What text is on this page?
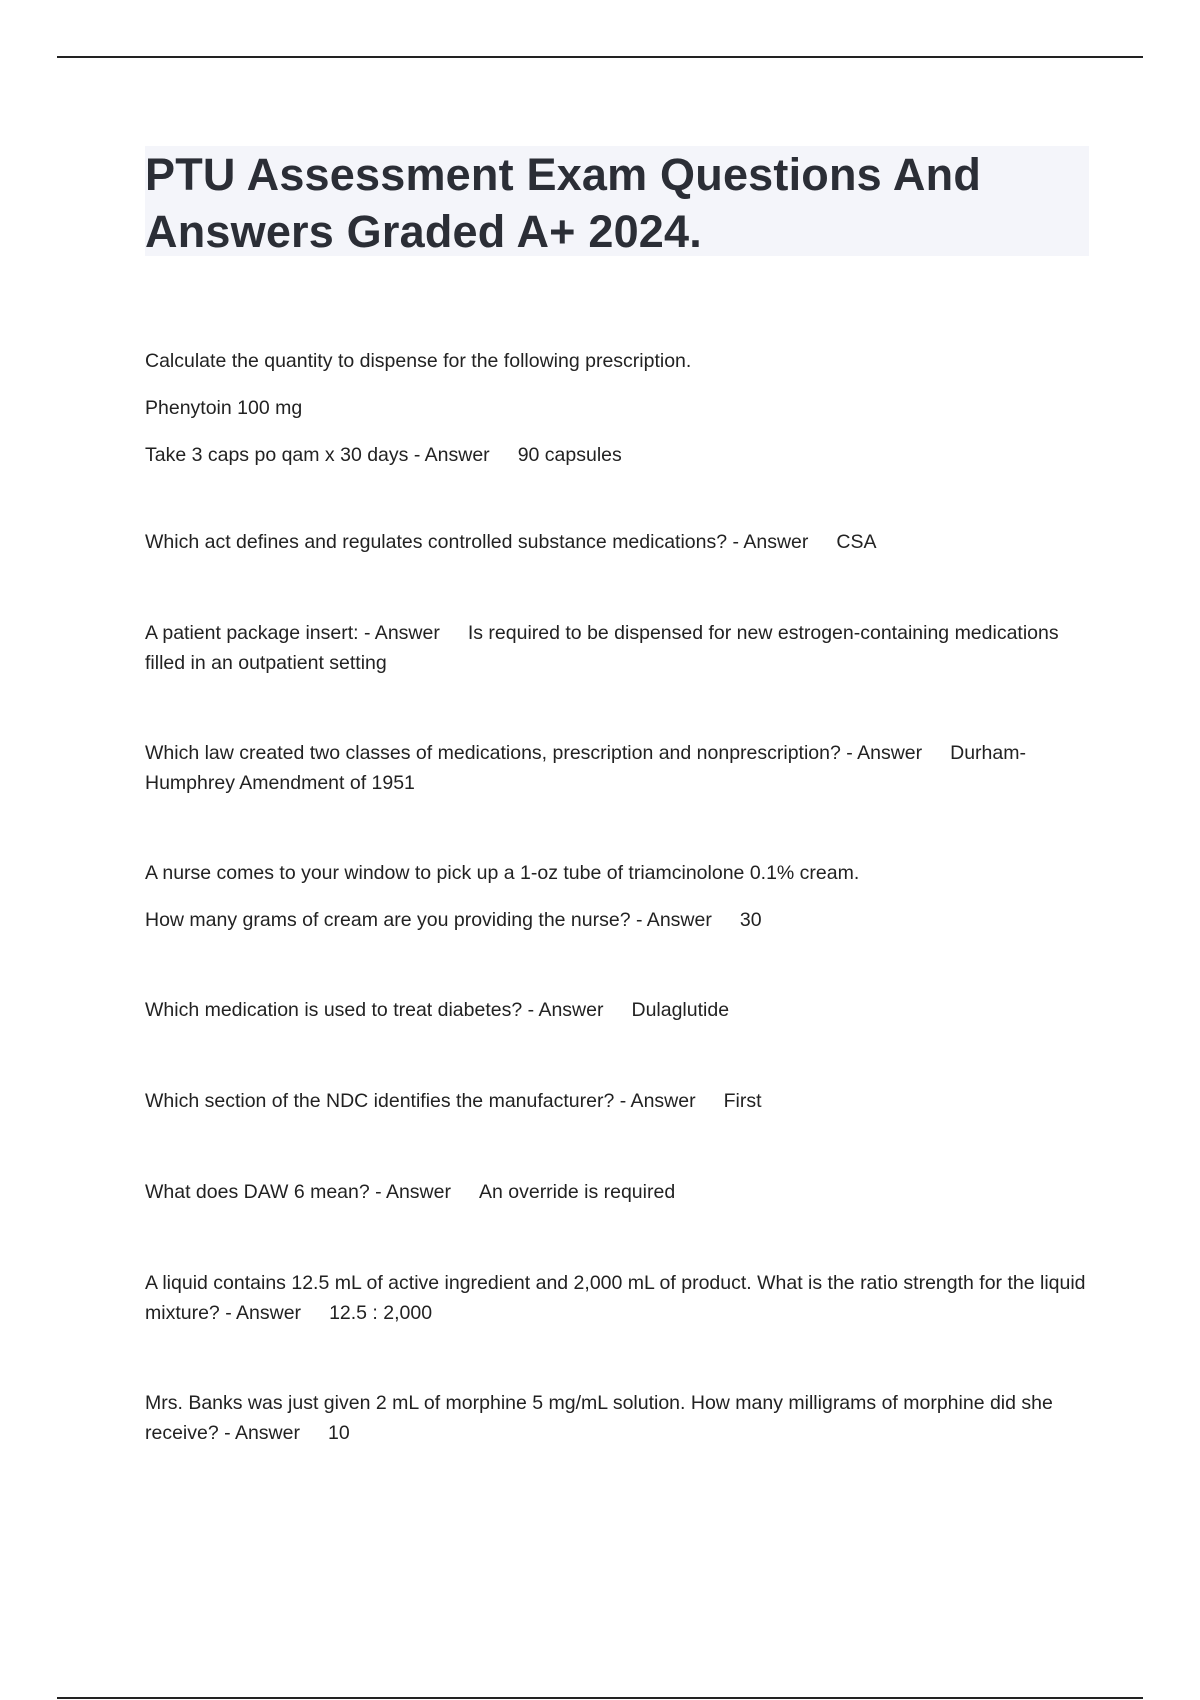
PTU Assessment Exam Questions And
Answers Graded A+ 2024.

Calculate the quantity to dispense for the following prescription.

Phenytoin 100 mg

Take 3 caps po qam x 30 days - Answer 90 capsules

Which act defines and regulates controlled substance medications? - Answer CSA

A patient package insert: - Answer Is required to be dispensed for new estrogen-containing medications filled in an outpatient setting

Which law created two classes of medications, prescription and nonprescription? - Answer Durham-Humphrey Amendment of 1951

A nurse comes to your window to pick up a 1-oz tube of triamcinolone 0.1% cream.

How many grams of cream are you providing the nurse? - Answer 30

Which medication is used to treat diabetes? - Answer Dulaglutide

Which section of the NDC identifies the manufacturer? - Answer First

What does DAW 6 mean? - Answer An override is required

A liquid contains 12.5 mL of active ingredient and 2,000 mL of product. What is the ratio strength for the liquid mixture? - Answer 12.5 : 2,000

Mrs. Banks was just given 2 mL of morphine 5 mg/mL solution. How many milligrams of morphine did she receive? - Answer 10
